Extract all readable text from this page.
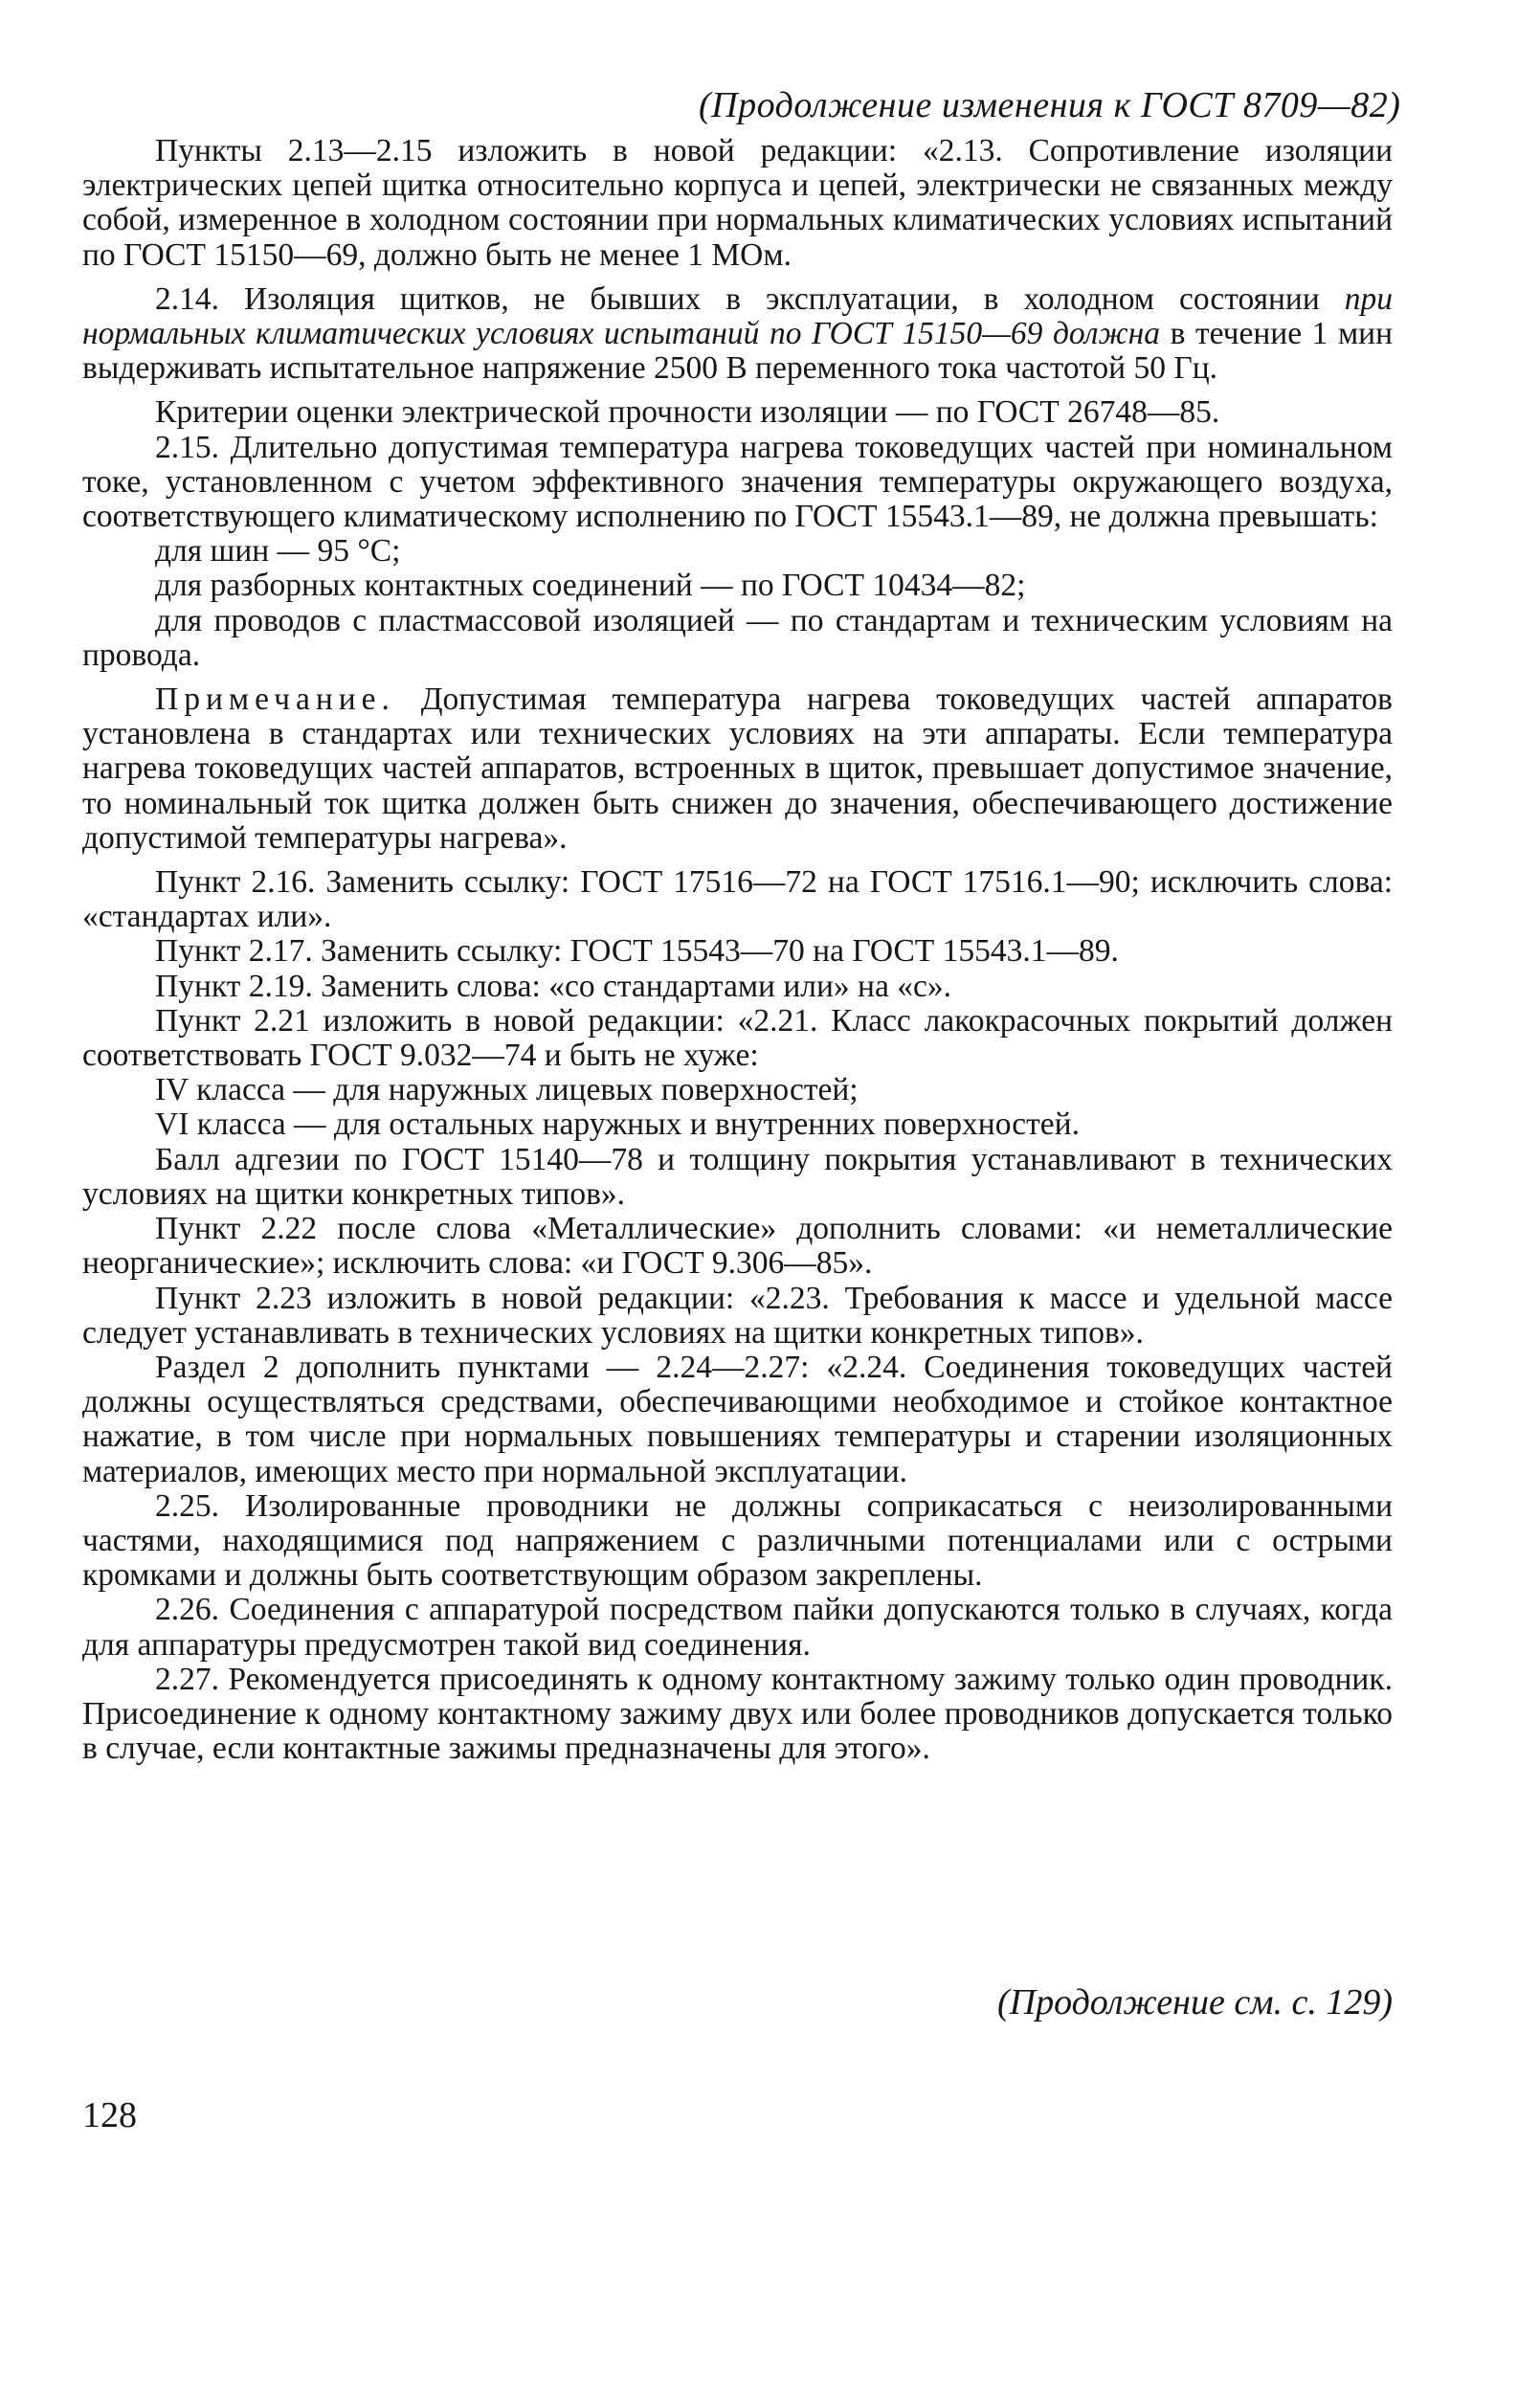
(Продолжение изменения к ГОСТ 8709—82)

Пункты 2.13—2.15 изложить в новой редакции: «2.13. Сопротивление изоляции электрических цепей щитка относительно корпуса и цепей, электрически не связанных между собой, измеренное в холодном состоянии при нормальных климатических условиях испытаний по ГОСТ 15150—69, должно быть не менее 1 МОм.

2.14. Изоляция щитков, не бывших в эксплуатации, в холодном состоянии при нормальных климатических условиях испытаний по ГОСТ 15150—69 должна в течение 1 мин выдерживать испытательное напряжение 2500 В переменного тока частотой 50 Гц.

Критерии оценки электрической прочности изоляции — по ГОСТ 26748—85.

2.15. Длительно допустимая температура нагрева токоведущих частей при номинальном токе, установленном с учетом эффективного значения температуры окружающего воздуха, соответствующего климатическому исполнению по ГОСТ 15543.1—89, не должна превышать:

для шин — 95 °С;

для разборных контактных соединений — по ГОСТ 10434—82;

для проводов с пластмассовой изоляцией — по стандартам и техническим условиям на провода.

Примечание. Допустимая температура нагрева токоведущих частей аппаратов установлена в стандартах или технических условиях на эти аппараты. Если температура нагрева токоведущих частей аппаратов, встроенных в щиток, превышает допустимое значение, то номинальный ток щитка должен быть снижен до значения, обеспечивающего достижение допустимой температуры нагрева».

Пункт 2.16. Заменить ссылку: ГОСТ 17516—72 на ГОСТ 17516.1—90; исключить слова: «стандартах или».

Пункт 2.17. Заменить ссылку: ГОСТ 15543—70 на ГОСТ 15543.1—89.

Пункт 2.19. Заменить слова: «со стандартами или» на «с».

Пункт 2.21 изложить в новой редакции: «2.21. Класс лакокрасочных покрытий должен соответствовать ГОСТ 9.032—74 и быть не хуже:

IV класса — для наружных лицевых поверхностей;

VI класса — для остальных наружных и внутренних поверхностей.

Балл адгезии по ГОСТ 15140—78 и толщину покрытия устанавливают в технических условиях на щитки конкретных типов».

Пункт 2.22 после слова «Металлические» дополнить словами: «и неметаллические неорганические»; исключить слова: «и ГОСТ 9.306—85».

Пункт 2.23 изложить в новой редакции: «2.23. Требования к массе и удельной массе следует устанавливать в технических условиях на щитки конкретных типов».

Раздел 2 дополнить пунктами — 2.24—2.27: «2.24. Соединения токоведущих частей должны осуществляться средствами, обеспечивающими необходимое и стойкое контактное нажатие, в том числе при нормальных повышениях температуры и старении изоляционных материалов, имеющих место при нормальной эксплуатации.

2.25. Изолированные проводники не должны соприкасаться с неизолированными частями, находящимися под напряжением с различными потенциалами или с острыми кромками и должны быть соответствующим образом закреплены.

2.26. Соединения с аппаратурой посредством пайки допускаются только в случаях, когда для аппаратуры предусмотрен такой вид соединения.

2.27. Рекомендуется присоединять к одному контактному зажиму только один проводник. Присоединение к одному контактному зажиму двух или более проводников допускается только в случае, если контактные зажимы предназначены для этого».

(Продолжение см. с. 129)
128
